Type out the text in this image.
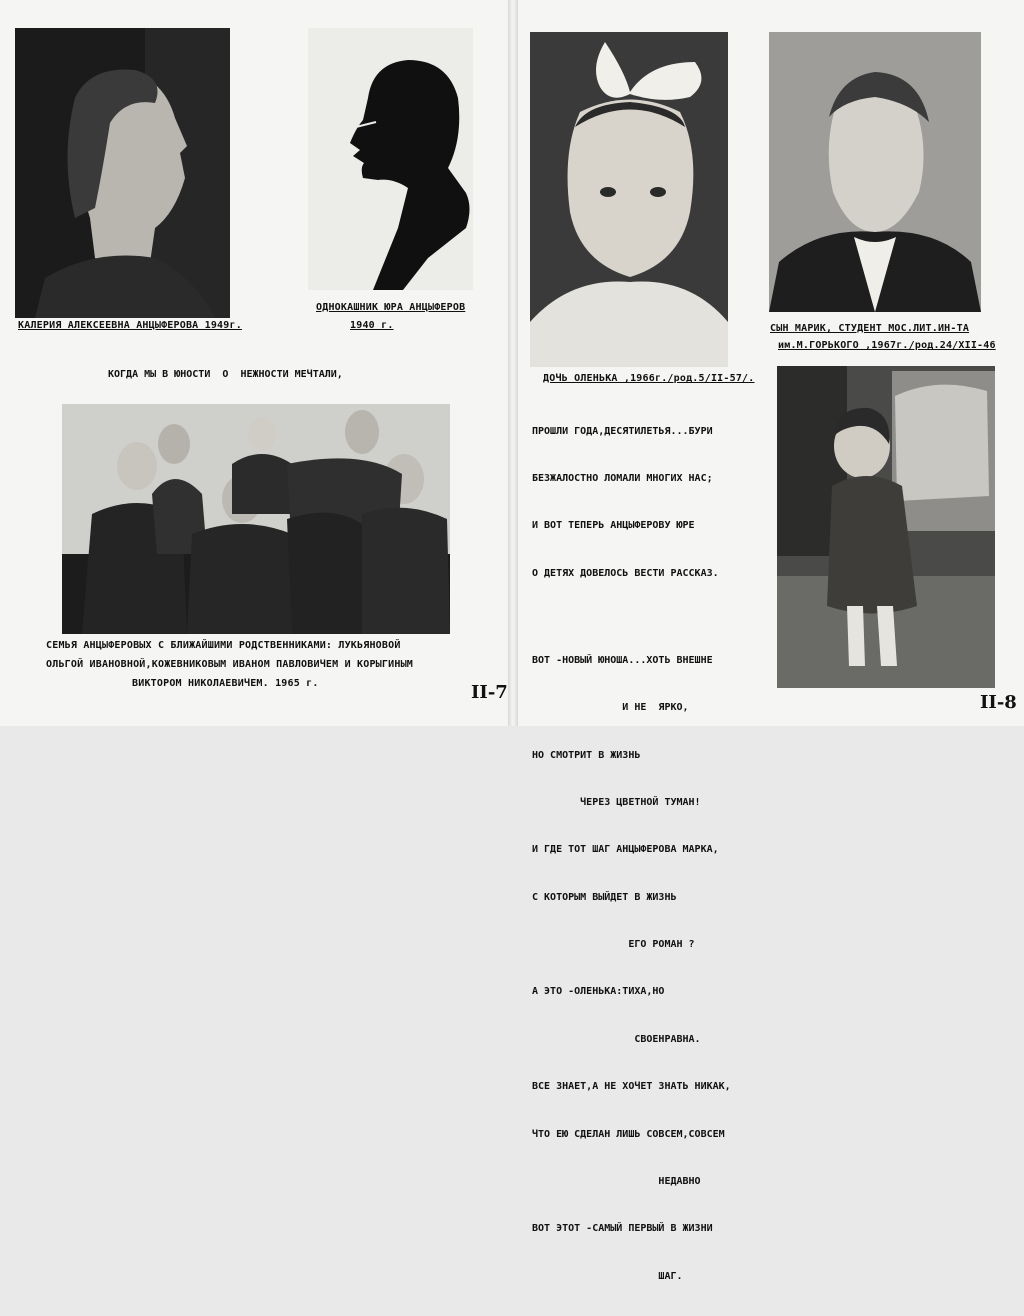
КАЛЕРИЯ АЛЕКСЕЕВНА АНЦЫФЕРОВА 1949г.
ОДНОКАШНИК ЮРА АНЦЫФЕРОВ
1940 г.

КОГДА МЫ В ЮНОСТИ  О  НЕЖНОСТИ МЕЧТАЛИ,

СЕМЬЯ АНЦЫФЕРОВЫХ С БЛИЖАЙШИМИ РОДСТВЕННИКАМИ: ЛУКЬЯНОВОЙ
ОЛЬГОЙ ИВАНОВНОЙ,КОЖЕВНИКОВЫМ ИВАНОМ ПАВЛОВИЧЕМ И КОРЫГИНЫМ
ВИКТОРОМ НИКОЛАЕВИЧЕМ. 1965 г.	II-7
ДОЧЬ ОЛЕНЬКА ,1966г./род.5/II-57/.
СЫН МАРИК, СТУДЕНТ МОС.ЛИТ.ИН-ТА
им.М.ГОРЬКОГО ,1967г./род.24/XII-46

ПРОШЛИ ГОДА,ДЕСЯТИЛЕТЬЯ...БУРИ

БЕЗЖАЛОСТНО ЛОМАЛИ МНОГИХ НАС;

И ВОТ ТЕПЕРЬ АНЦЫФЕРОВУ ЮРЕ

О ДЕТЯХ ДОВЕЛОСЬ ВЕСТИ РАССКАЗ.

ВОТ -НОВЫЙ ЮНОША...ХОТЬ ВНЕШНЕ

И НЕ  ЯРКО,

НО СМОТРИТ В ЖИЗНЬ

ЧЕРЕЗ ЦВЕТНОЙ ТУМАН!

И ГДЕ ТОТ ШАГ АНЦЫФЕРОВА МАРКА,

С КОТОРЫМ ВЫЙДЕТ В ЖИЗНЬ

ЕГО РОМАН ?

А ЭТО -ОЛЕНЬКА:ТИХА,НО

СВОЕНРАВНА.

ВСЕ ЗНАЕТ,А НЕ ХОЧЕТ ЗНАТЬ НИКАК,

ЧТО ЕЮ СДЕЛАН ЛИШЬ СОВСЕМ,СОВСЕМ

НЕДАВНО

ВОТ ЭТОТ -САМЫЙ ПЕРВЫЙ В ЖИЗНИ

ШАГ.

II-8
